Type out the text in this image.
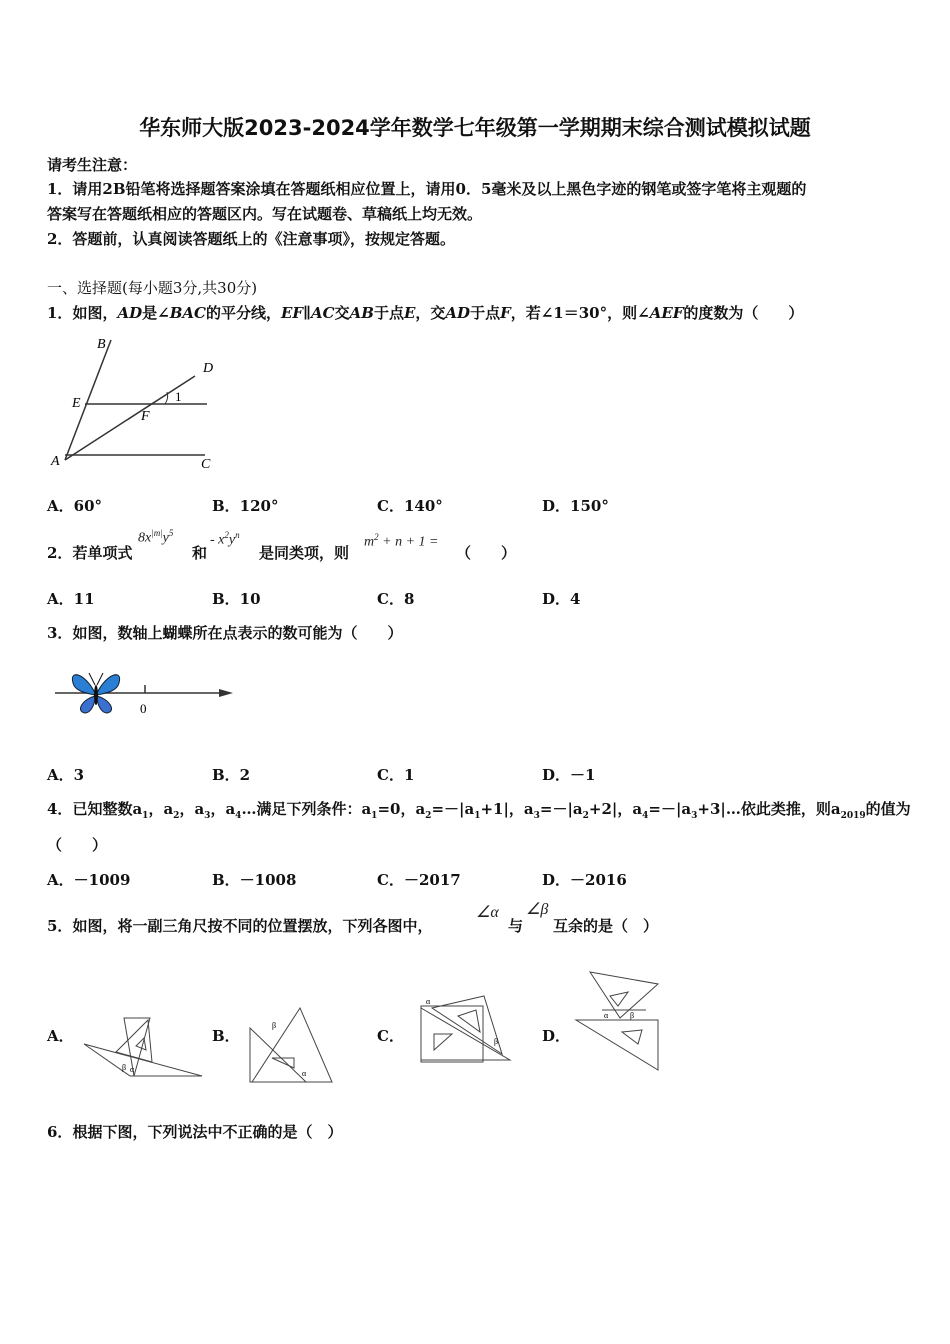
华东师大版2023-2024学年数学七年级第一学期期末综合测试模拟试题
请考生注意：
1．请用2B铅笔将选择题答案涂填在答题纸相应位置上，请用0．5毫米及以上黑色字迹的钢笔或签字笔将主观题的
答案写在答题纸相应的答题区内。写在试题卷、草稿纸上均无效。
2．答题前，认真阅读答题纸上的《注意事项》，按规定答题。
一、选择题(每小题3分,共30分)
1．如图，AD是∠BAC的平分线，EF∥AC交AB于点E，交AD于点F，若∠1＝30°，则∠AEF的度数为（　　）
B
D
E
F
1
A	C
A．60°	B．120°	C．140°	D．150°
2．若单项式
$8x^{|m|}y^5$
和
- $x^2y^n$
是同类项，则
$m^2 + n + 1$ =
（　　）
A．11	B．10	C．8	D．4
3．如图，数轴上蝴蝶所在点表示的数可能为（　　）
0
A．3	B．2	C．1	D．－1
4．已知整数$a_1$，$a_2$，$a_3$，$a_4\dots$满足下列条件：$a_1=0$，$a_2=-|a_1+1|$，$a_3=-|a_2+2|$，$a_4=-|a_3+3|\dots$依此类推，则$a_{2019}$的值为
（　　）
A．－1009	B．－1008	C．－2017	D．－2016
5．如图，将一副三角尺按不同的位置摆放，下列各图中，
∠α
与
∠β
互余的是（　）
A．
β α
B．
β
α
C．
α
β	D．
α	β
6．根据下图，下列说法中不正确的是（　）
